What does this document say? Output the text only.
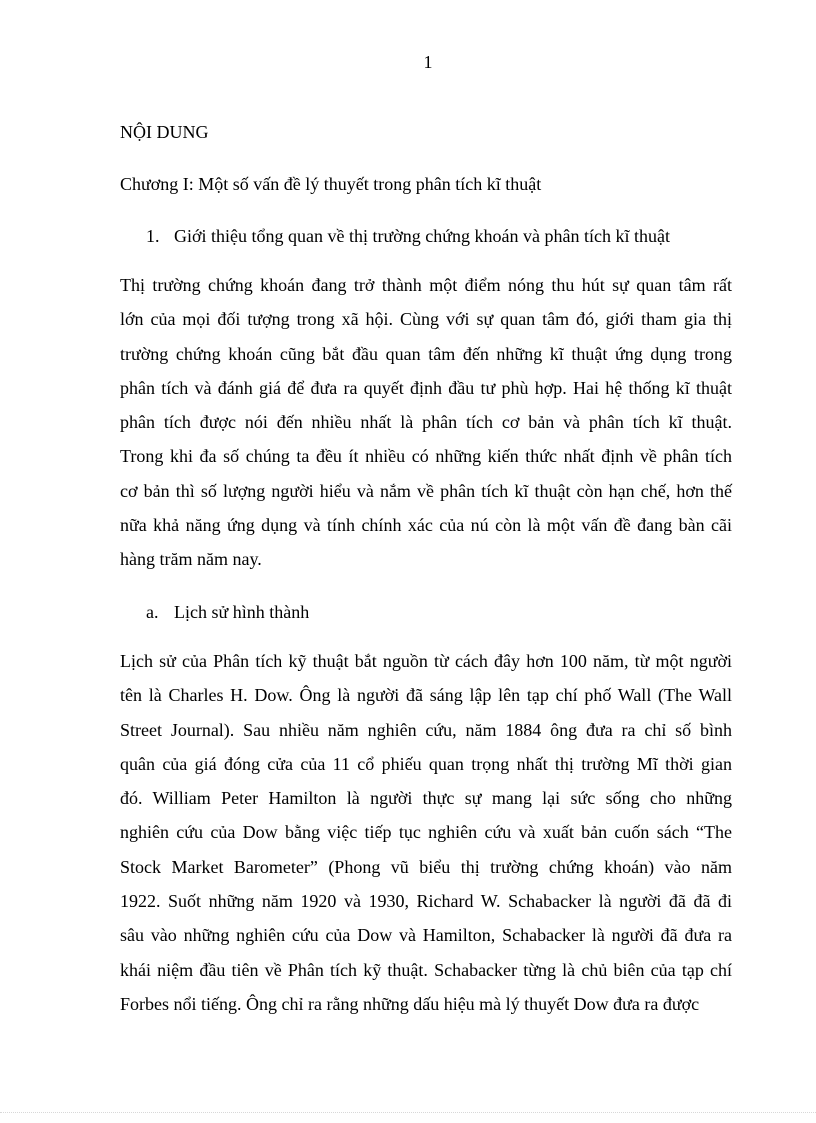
1
NỘI DUNG
Chương I: Một số vấn đề lý thuyết trong phân tích kĩ thuật
1. Giới thiệu tổng quan về thị trường chứng khoán và phân tích kĩ thuật
Thị trường chứng khoán đang trở thành một điểm nóng thu hút sự quan tâm rất
lớn của mọi đối tượng trong xã hội. Cùng với sự quan tâm đó, giới tham gia thị
trường chứng khoán cũng bắt đầu quan tâm đến những kĩ thuật ứng dụng trong
phân tích và đánh giá để đưa ra quyết định đầu tư phù hợp. Hai hệ thống kĩ thuật
phân tích được nói đến nhiều nhất là phân tích cơ bản và phân tích kĩ thuật.
Trong khi đa số chúng ta đều ít nhiều có những kiến thức nhất định về phân tích
cơ bản thì số lượng người hiểu và nắm về phân tích kĩ thuật còn hạn chế, hơn thế
nữa khả năng ứng dụng và tính chính xác của nú còn là một vấn đề đang bàn cãi
hàng trăm năm nay.
a. Lịch sử hình thành
Lịch sử của Phân tích kỹ thuật bắt nguồn từ cách đây hơn 100 năm, từ một người
tên là Charles H. Dow. Ông là người đã sáng lập lên tạp chí phố Wall (The Wall
Street Journal). Sau nhiều năm nghiên cứu, năm 1884 ông đưa ra chỉ số bình
quân của giá đóng cửa của 11 cổ phiếu quan trọng nhất thị trường Mĩ thời gian
đó. William Peter Hamilton là người thực sự mang lại sức sống cho những
nghiên cứu của Dow bằng việc tiếp tục nghiên cứu và xuất bản cuốn sách “The
Stock Market Barometer” (Phong vũ biểu thị trường chứng khoán) vào năm
1922. Suốt những năm 1920 và 1930, Richard W. Schabacker là người đã đã đi
sâu vào những nghiên cứu của Dow và Hamilton, Schabacker là người đã đưa ra
khái niệm đầu tiên về Phân tích kỹ thuật. Schabacker từng là chủ biên của tạp chí
Forbes nổi tiếng. Ông chỉ ra rằng những dấu hiệu mà lý thuyết Dow đưa ra được
